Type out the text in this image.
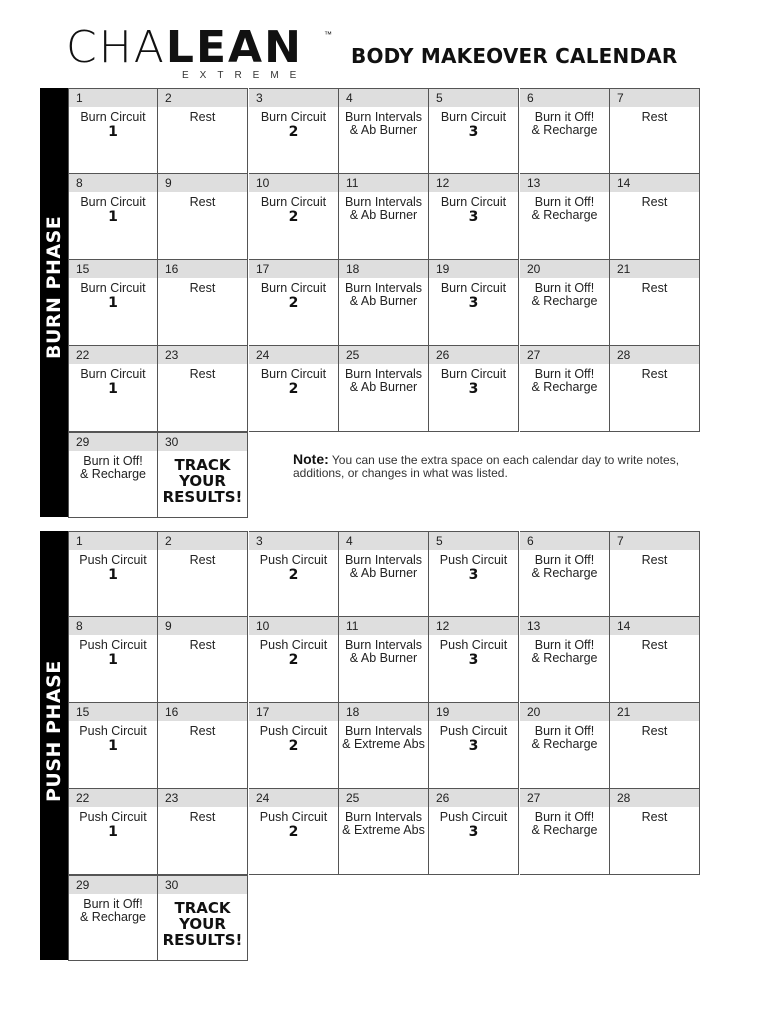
CHALEAN	™
EXTREME
BODY MAKEOVER CALENDAR
BURN PHASE
1
Burn Circuit
1
2
Rest
3
Burn Circuit
2
4
Burn Intervals
& Ab Burner
5
Burn Circuit
3
6
Burn it Off!
& Recharge
7
Rest
8
Burn Circuit
1
9
Rest
10
Burn Circuit
2
11
Burn Intervals
& Ab Burner
12
Burn Circuit
3
13
Burn it Off!
& Recharge
14
Rest
15
Burn Circuit
1
16
Rest
17
Burn Circuit
2
18
Burn Intervals
& Ab Burner
19
Burn Circuit
3
20
Burn it Off!
& Recharge
21
Rest
22
Burn Circuit
1
23
Rest
24
Burn Circuit
2
25
Burn Intervals
& Ab Burner
26
Burn Circuit
3
27
Burn it Off!
& Recharge
28
Rest
29
Burn it Off!
& Recharge
30
TRACK
YOUR
RESULTS!
Note: You can use the extra space on each calendar day to write notes, additions, or changes in what was listed.
PUSH PHASE
1
Push Circuit
1
2
Rest
3
Push Circuit
2
4
Burn Intervals
& Ab Burner
5
Push Circuit
3
6
Burn it Off!
& Recharge
7
Rest
8
Push Circuit
1
9
Rest
10
Push Circuit
2
11
Burn Intervals
& Ab Burner
12
Push Circuit
3
13
Burn it Off!
& Recharge
14
Rest
15
Push Circuit
1
16
Rest
17
Push Circuit
2
18
Burn Intervals
& Extreme Abs
19
Push Circuit
3
20
Burn it Off!
& Recharge
21
Rest
22
Push Circuit
1
23
Rest
24
Push Circuit
2
25
Burn Intervals
& Extreme Abs
26
Push Circuit
3
27
Burn it Off!
& Recharge
28
Rest
29
Burn it Off!
& Recharge
30
TRACK
YOUR
RESULTS!
